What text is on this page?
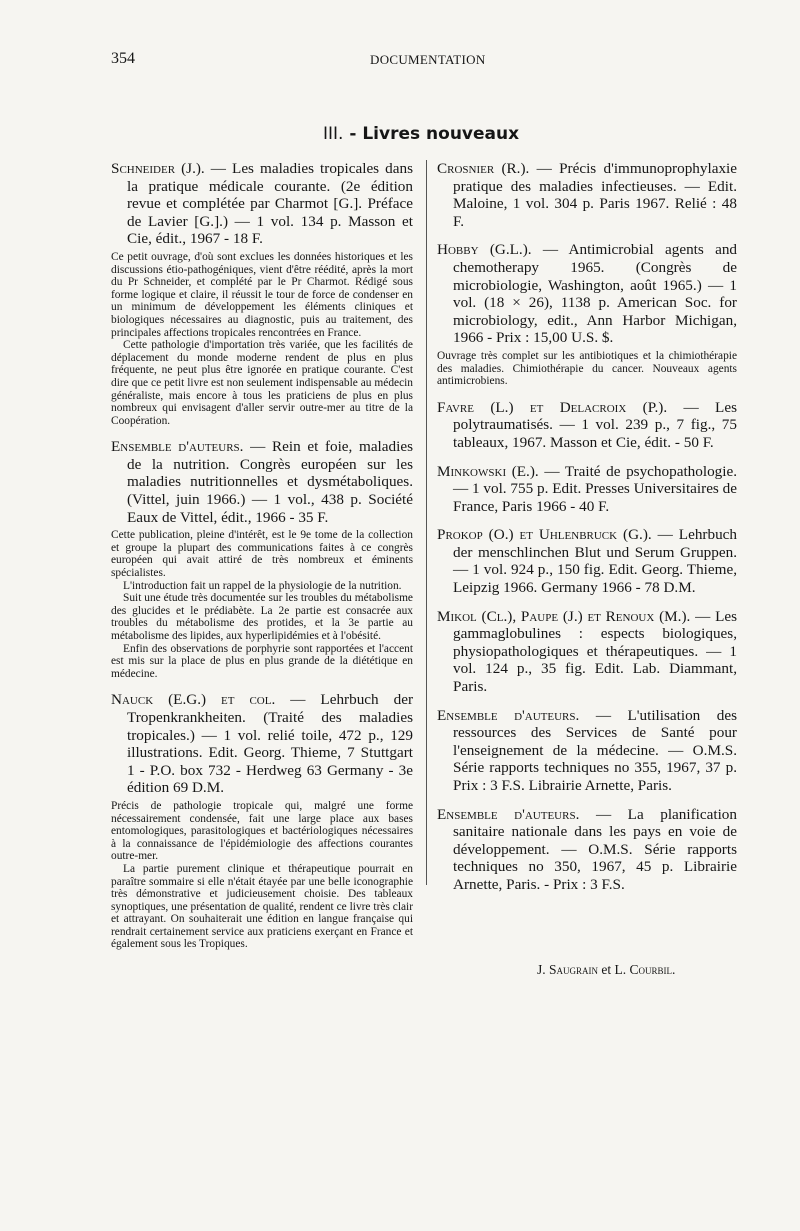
354	DOCUMENTATION
III. - Livres nouveaux

Schneider (J.). — Les maladies tropicales dans la pratique médicale courante. (2e édition revue et complétée par Charmot [G.]. Préface de Lavier [G.].) — 1 vol. 134 p. Masson et Cie, édit., 1967 - 18 F.

Ce petit ouvrage, d'où sont exclues les données historiques et les discussions étio-pathogéniques, vient d'être réédité, après la mort du Pr Schneider, et complété par le Pr Charmot. Rédigé sous forme logique et claire, il réussit le tour de force de condenser en un minimum de développement les éléments cliniques et biologiques nécessaires au diagnostic, puis au traitement, des principales affections tropicales rencontrées en France.

Cette pathologie d'importation très variée, que les facilités de déplacement du monde moderne rendent de plus en plus fréquente, ne peut plus être ignorée en pratique courante. C'est dire que ce petit livre est non seulement indispensable au médecin généraliste, mais encore à tous les praticiens de plus en plus nombreux qui envisagent d'aller servir outre-mer au titre de la Coopération.

Ensemble d'auteurs. — Rein et foie, maladies de la nutrition. Congrès européen sur les maladies nutritionnelles et dysmétaboliques. (Vittel, juin 1966.) — 1 vol., 438 p. Société Eaux de Vittel, édit., 1966 - 35 F.

Cette publication, pleine d'intérêt, est le 9e tome de la collection et groupe la plupart des communications faites à ce congrès européen qui avait attiré de très nombreux et éminents spécialistes.

L'introduction fait un rappel de la physiologie de la nutrition.

Suit une étude très documentée sur les troubles du métabolisme des glucides et le prédiabète. La 2e partie est consacrée aux troubles du métabolisme des protides, et la 3e partie au métabolisme des lipides, aux hyperlipidémies et à l'obésité.

Enfin des observations de porphyrie sont rapportées et l'accent est mis sur la place de plus en plus grande de la diététique en médecine.

Nauck (E.G.) et col. — Lehrbuch der Tropenkrankheiten. (Traité des maladies tropicales.) — 1 vol. relié toile, 472 p., 129 illustrations. Edit. Georg. Thieme, 7 Stuttgart 1 - P.O. box 732 - Herdweg 63 Germany - 3e édition 69 D.M.

Précis de pathologie tropicale qui, malgré une forme nécessairement condensée, fait une large place aux bases entomologiques, parasitologiques et bactériologiques nécessaires à la connaissance de l'épidémiologie des affections courantes outre-mer.

La partie purement clinique et thérapeutique pourrait en paraître sommaire si elle n'était étayée par une belle iconographie très démonstrative et judicieusement choisie. Des tableaux synoptiques, une présentation de qualité, rendent ce livre très clair et attrayant. On souhaiterait une édition en langue française qui rendrait certainement service aux praticiens exerçant en France et également sous les Tropiques.

Crosnier (R.). — Précis d'immunoprophylaxie pratique des maladies infectieuses. — Edit. Maloine, 1 vol. 304 p. Paris 1967. Relié : 48 F.

Hobby (G.L.). — Antimicrobial agents and chemotherapy 1965. (Congrès de microbiologie, Washington, août 1965.) — 1 vol. (18 × 26), 1138 p. American Soc. for microbiology, edit., Ann Harbor Michigan, 1966 - Prix : 15,00 U.S. $.

Ouvrage très complet sur les antibiotiques et la chimiothérapie des maladies. Chimiothérapie du cancer. Nouveaux agents antimicrobiens.

Favre (L.) et Delacroix (P.). — Les polytraumatisés. — 1 vol. 239 p., 7 fig., 75 tableaux, 1967. Masson et Cie, édit. - 50 F.

Minkowski (E.). — Traité de psychopathologie. — 1 vol. 755 p. Edit. Presses Universitaires de France, Paris 1966 - 40 F.

Prokop (O.) et Uhlenbruck (G.). — Lehrbuch der menschlinchen Blut und Serum Gruppen. — 1 vol. 924 p., 150 fig. Edit. Georg. Thieme, Leipzig 1966. Germany 1966 - 78 D.M.

Mikol (Cl.), Paupe (J.) et Renoux (M.). — Les gammaglobulines : espects biologiques, physiopathologiques et thérapeutiques. — 1 vol. 124 p., 35 fig. Edit. Lab. Diammant, Paris.

Ensemble d'auteurs. — L'utilisation des ressources des Services de Santé pour l'enseignement de la médecine. — O.M.S. Série rapports techniques no 355, 1967, 37 p. Prix : 3 F.S. Librairie Arnette, Paris.

Ensemble d'auteurs. — La planification sanitaire nationale dans les pays en voie de développement. — O.M.S. Série rapports techniques no 350, 1967, 45 p. Librairie Arnette, Paris. - Prix : 3 F.S.

J. Saugrain et L. Courbil.
